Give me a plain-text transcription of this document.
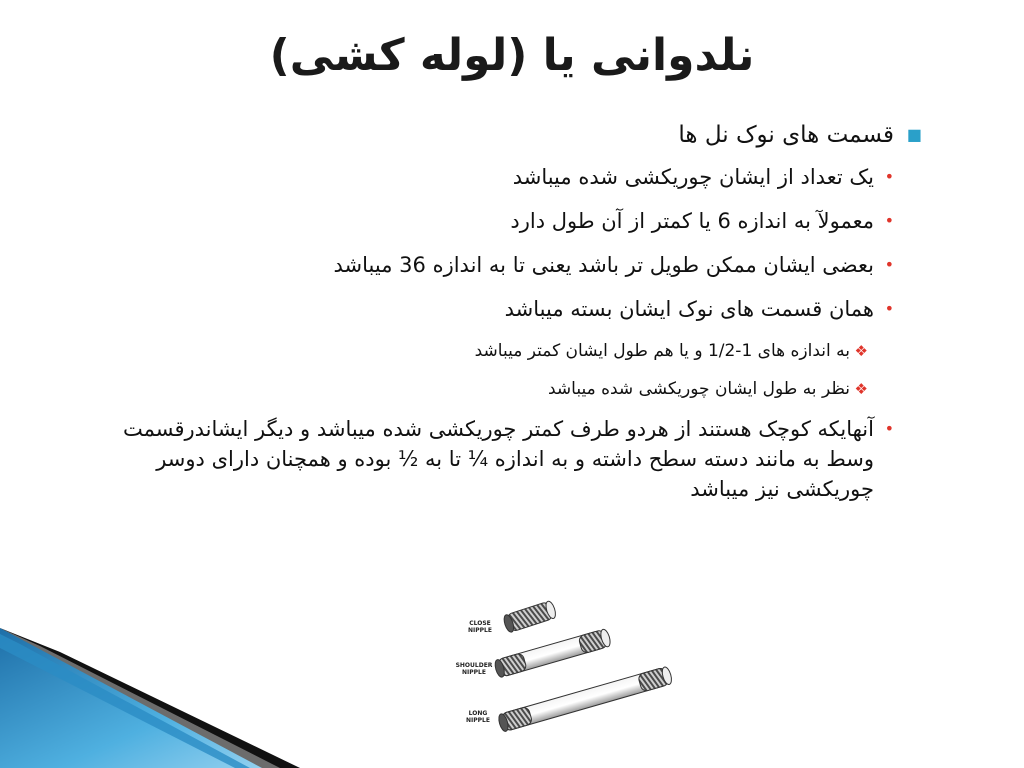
نلدوانی یا (لوله کشی)
■
قسمت های نوک نل ها
•
یک تعداد از ایشان چوریکشی شده میباشد
•
معمولآ به اندازه 6 یا کمتر از آن طول دارد
•
بعضی ایشان ممکن طویل تر باشد یعنی تا به اندازه 36 میباشد
•
همان قسمت های نوک ایشان بسته میباشد
❖
به اندازه های 1-1/2 و یا هم طول ایشان کمتر میباشد
❖
نظر به طول ایشان چوریکشی شده میباشد
•
آنهایکه کوچک هستند از هردو طرف کمتر چوریکشی شده میباشد و دیگر ایشاندرقسمت وسط به مانند دسته سطح داشته و به اندازه ¼ تا به ½ بوده و همچنان دارای دوسر چوریکشی نیز میباشد
CLOSE
NIPPLE
SHOULDER
NIPPLE
LONG
NIPPLE
